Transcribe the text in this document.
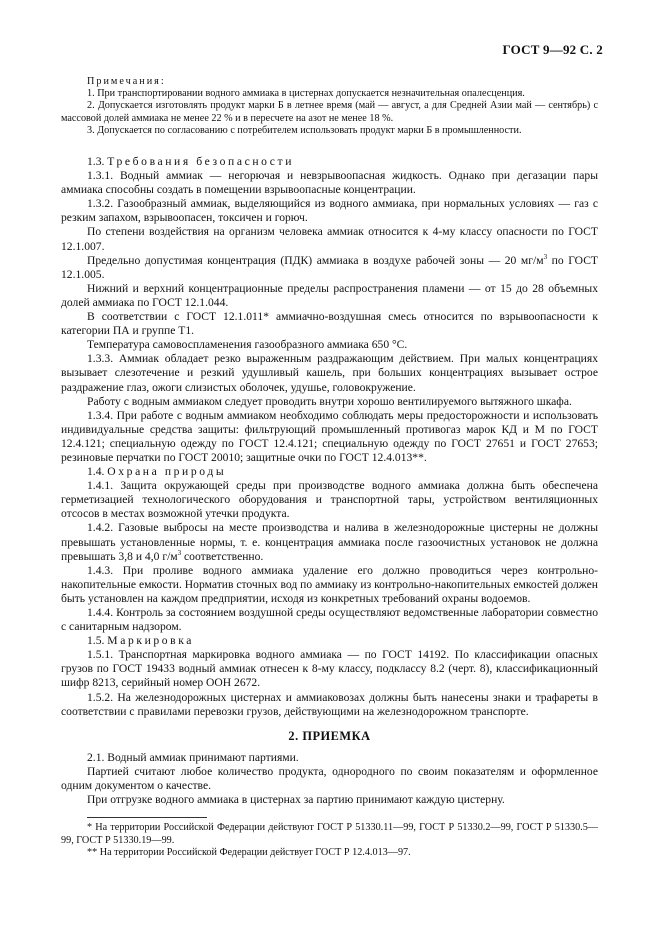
ГОСТ 9—92 С. 2

Примечания:

1. При транспортировании водного аммиака в цистернах допускается незначительная опалесценция.

2. Допускается изготовлять продукт марки Б в летнее время (май — август, а для Средней Азии май — сентябрь) с массовой долей аммиака не менее 22 % и в пересчете на азот не менее 18 %.

3. Допускается по согласованию с потребителем использовать продукт марки Б в промышленности.

1.3. Требования безопасности

1.3.1. Водный аммиак — негорючая и невзрывоопасная жидкость. Однако при дегазации пары аммиака способны создать в помещении взрывоопасные концентрации.

1.3.2. Газообразный аммиак, выделяющийся из водного аммиака, при нормальных условиях — газ с резким запахом, взрывоопасен, токсичен и горюч.

По степени воздействия на организм человека аммиак относится к 4-му классу опасности по ГОСТ 12.1.007.

Предельно допустимая концентрация (ПДК) аммиака в воздухе рабочей зоны — 20 $мг/м^3$ по ГОСТ 12.1.005.

Нижний и верхний концентрационные пределы распространения пламени — от 15 до 28 объемных долей аммиака по ГОСТ 12.1.044.

В соответствии с ГОСТ 12.1.011* аммиачно-воздушная смесь относится по взрывоопасности к категории ПА и группе Т1.

Температура самовоспламенения газообразного аммиака 650 °С.

1.3.3. Аммиак обладает резко выраженным раздражающим действием. При малых концентрациях вызывает слезотечение и резкий удушливый кашель, при больших концентрациях вызывает острое раздражение глаз, ожоги слизистых оболочек, удушье, головокружение.

Работу с водным аммиаком следует проводить внутри хорошо вентилируемого вытяжного шкафа.

1.3.4. При работе с водным аммиаком необходимо соблюдать меры предосторожности и использовать индивидуальные средства защиты: фильтрующий промышленный противогаз марок КД и М по ГОСТ 12.4.121; специальную одежду по ГОСТ 12.4.121; специальную одежду по ГОСТ 27651 и ГОСТ 27653; резиновые перчатки по ГОСТ 20010; защитные очки по ГОСТ 12.4.013**.

1.4. Охрана природы

1.4.1. Защита окружающей среды при производстве водного аммиака должна быть обеспечена герметизацией технологического оборудования и транспортной тары, устройством вентиляционных отсосов в местах возможной утечки продукта.

1.4.2. Газовые выбросы на месте производства и налива в железнодорожные цистерны не должны превышать установленные нормы, т. е. концентрация аммиака после газоочистных установок не должна превышать 3,8 и 4,0 $г/м^3$ соответственно.

1.4.3. При проливе водного аммиака удаление его должно проводиться через контрольно-накопительные емкости. Норматив сточных вод по аммиаку из контрольно-накопительных емкостей должен быть установлен на каждом предприятии, исходя из конкретных требований охраны водоемов.

1.4.4. Контроль за состоянием воздушной среды осуществляют ведомственные лаборатории совместно с санитарным надзором.

1.5. Маркировка

1.5.1. Транспортная маркировка водного аммиака — по ГОСТ 14192. По классификации опасных грузов по ГОСТ 19433 водный аммиак отнесен к 8-му классу, подклассу 8.2 (черт. 8), классификационный шифр 8213, серийный номер ООН 2672.

1.5.2. На железнодорожных цистернах и аммиаковозах должны быть нанесены знаки и трафареты в соответствии с правилами перевозки грузов, действующими на железнодорожном транспорте.

2. ПРИЕМКА

2.1. Водный аммиак принимают партиями.

Партией считают любое количество продукта, однородного по своим показателям и оформленное одним документом о качестве.

При отгрузке водного аммиака в цистернах за партию принимают каждую цистерну.

* На территории Российской Федерации действуют ГОСТ Р 51330.11—99, ГОСТ Р 51330.2—99, ГОСТ Р 51330.5—99, ГОСТ Р 51330.19—99.

** На территории Российской Федерации действует ГОСТ Р 12.4.013—97.
